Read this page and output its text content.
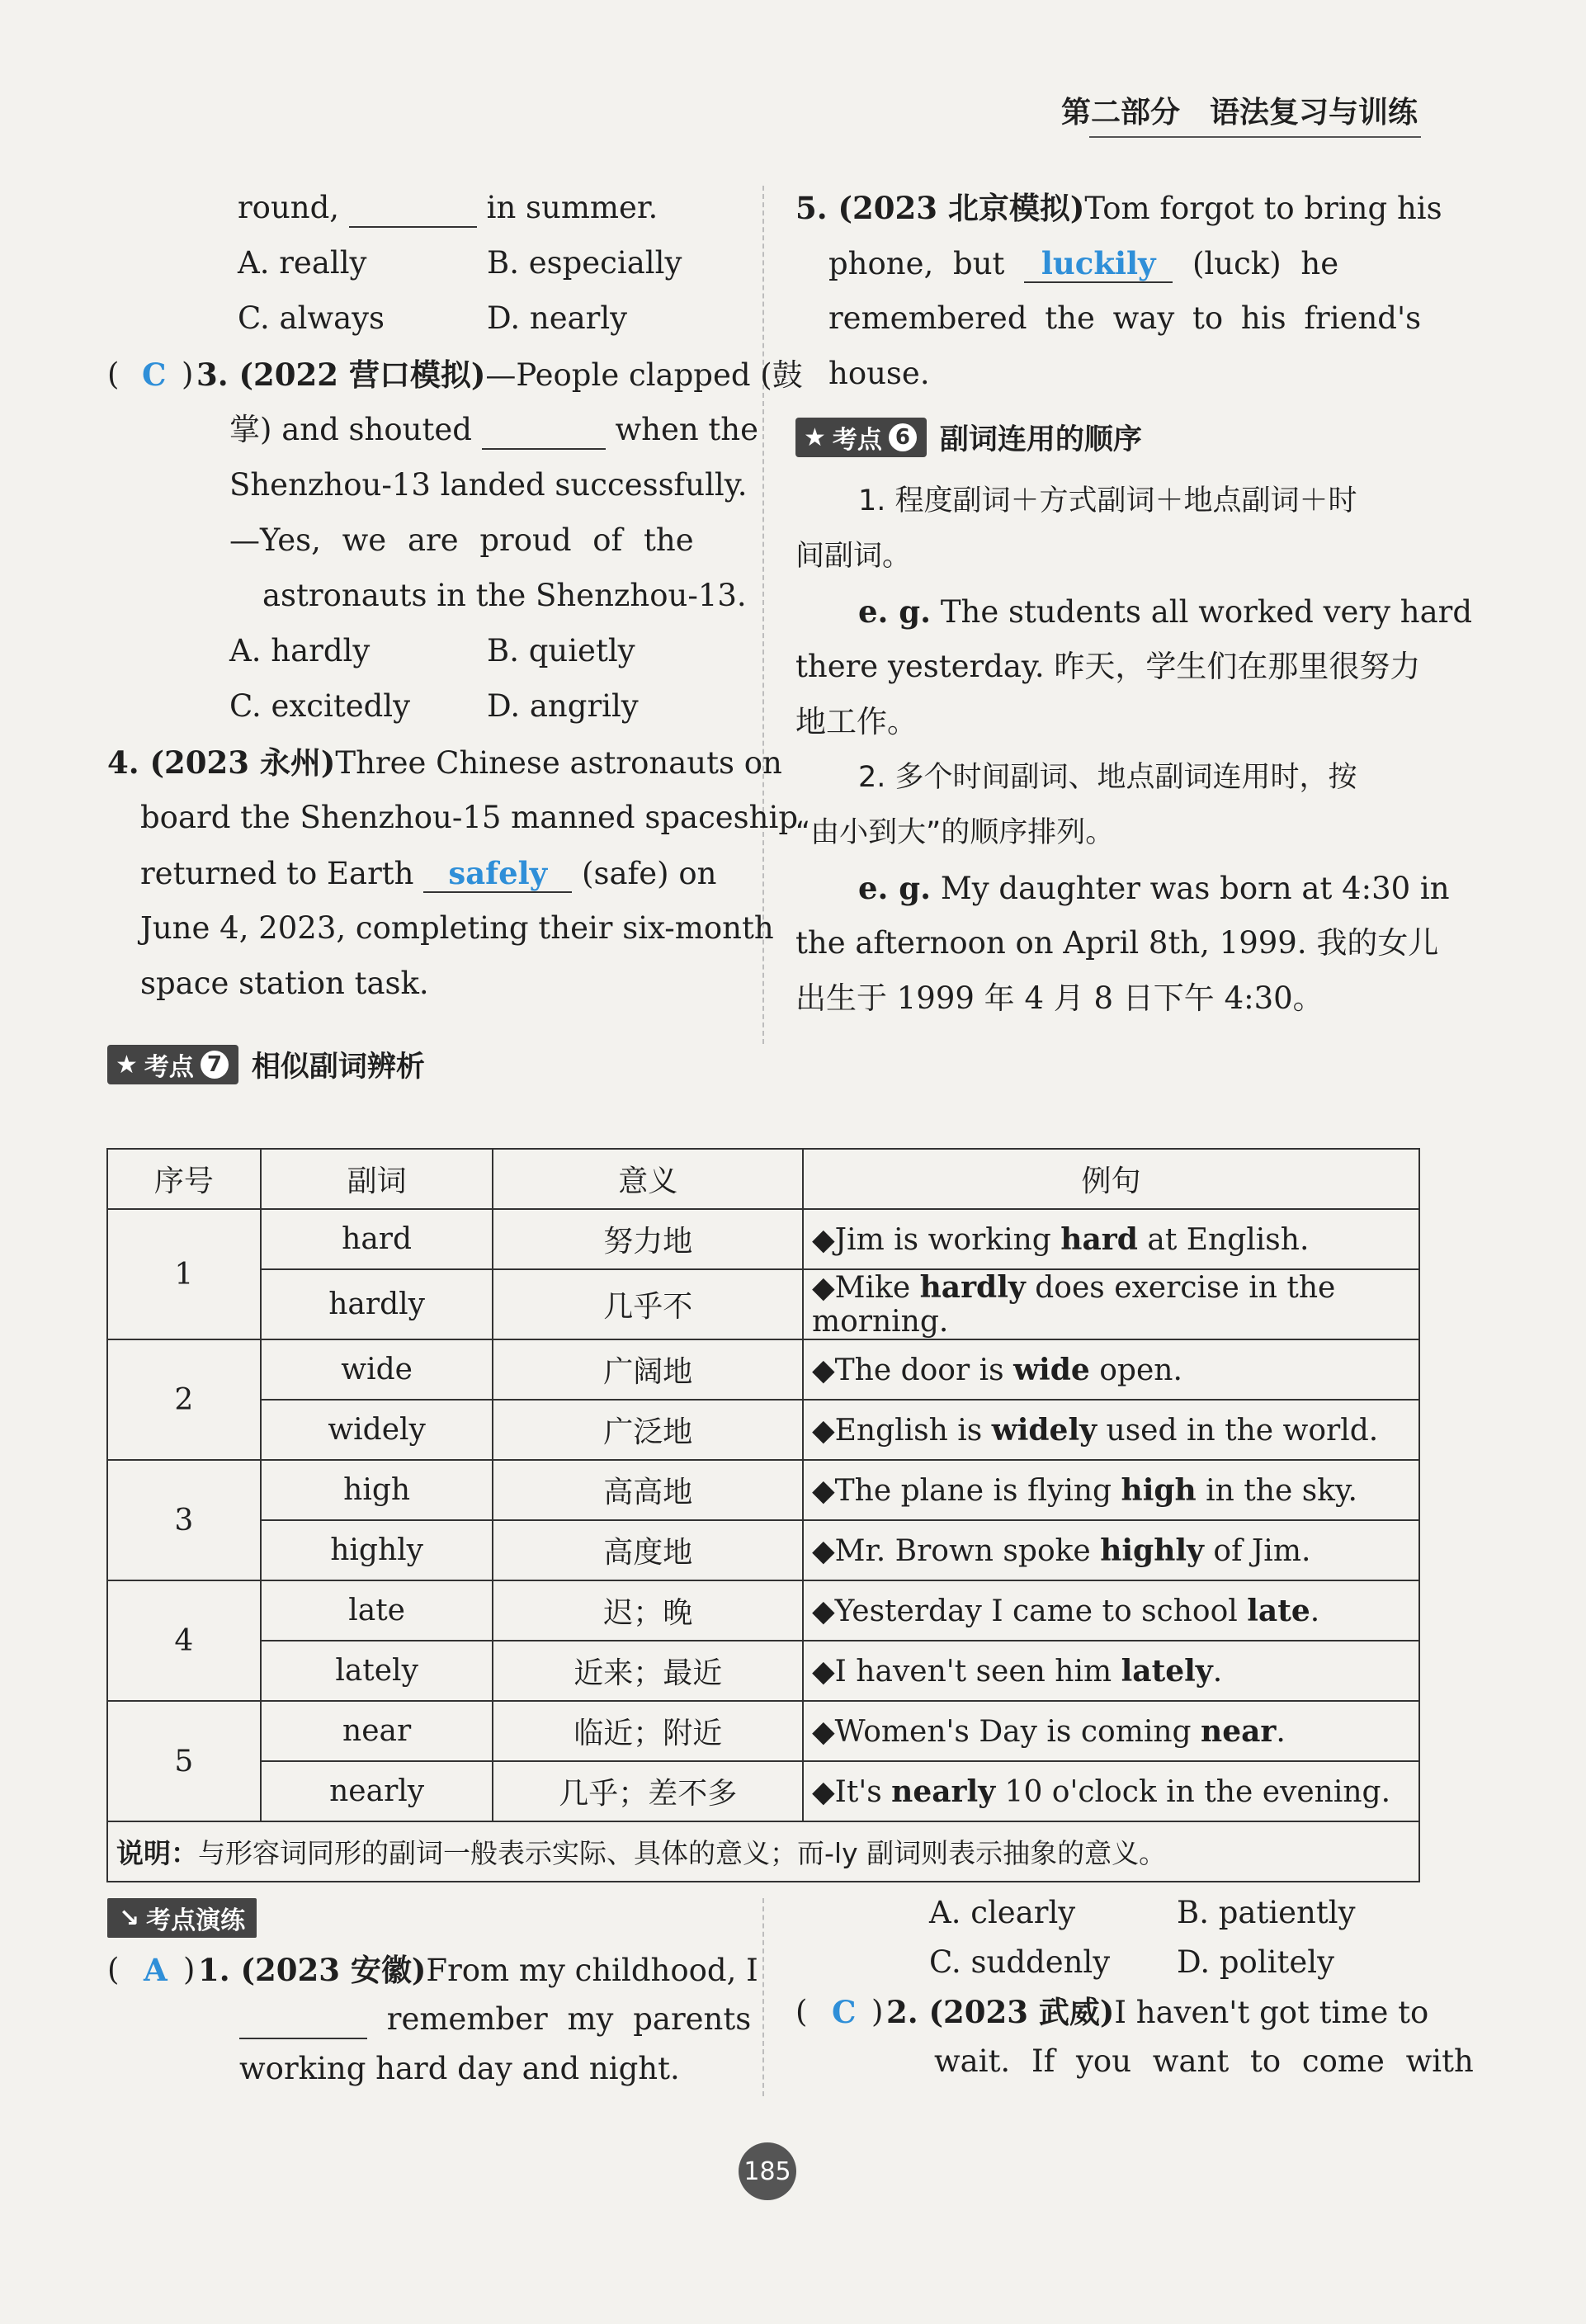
第二部分　语法复习与训练
round,	in summer.
A. really	B. especially
C. always	D. nearly
( C ) 3. (2022 营口模拟)—People clapped (鼓
掌) and shouted	when the
Shenzhou-13 landed successfully.
—Yes, we are proud of the
astronauts in the Shenzhou-13.
A. hardly	B. quietly
C. excitedly	D. angrily
4. (2023 永州)Three Chinese astronauts on
board the Shenzhou-15 manned spaceship
returned to Earth safely (safe) on
June 4, 2023, completing their six-month
space station task.
5. (2023 北京模拟)Tom forgot to bring his
phone, but luckily (luck) he
remembered the way to his friend's
house.
★ 考点 6 副词连用的顺序
1. 程度副词＋方式副词＋地点副词＋时
间副词。
e. g. The students all worked very hard
there yesterday. 昨天，学生们在那里很努力
地工作。
2. 多个时间副词、地点副词连用时，按
“由小到大”的顺序排列。
e. g. My daughter was born at 4:30 in
the afternoon on April 8th, 1999. 我的女儿
出生于 1999 年 4 月 8 日下午 4:30。
★ 考点 7 相似副词辨析
序号	副词	意义	例句
1	hard	努力地	◆Jim is working hard at English.
	hardly	几乎不	◆Mike hardly does exercise in the morning.
2	wide	广阔地	◆The door is wide open.
	widely	广泛地	◆English is widely used in the world.
3	high	高高地	◆The plane is flying high in the sky.
	highly	高度地	◆Mr. Brown spoke highly of Jim.
4	late	迟；晚	◆Yesterday I came to school late.
	lately	近来；最近	◆I haven't seen him lately.
5	near	临近；附近	◆Women's Day is coming near.
	nearly	几乎；差不多	◆It's nearly 10 o'clock in the evening.
说明：与形容词同形的副词一般表示实际、具体的意义；而-ly 副词则表示抽象的意义。			
↘ 考点演练
( A ) 1. (2023 安徽)From my childhood, I
remember my parents
working hard day and night.
A. clearly	B. patiently
C. suddenly D. politely
( C ) 2. (2023 武威)I haven't got time to
wait. If you want to come with
185
